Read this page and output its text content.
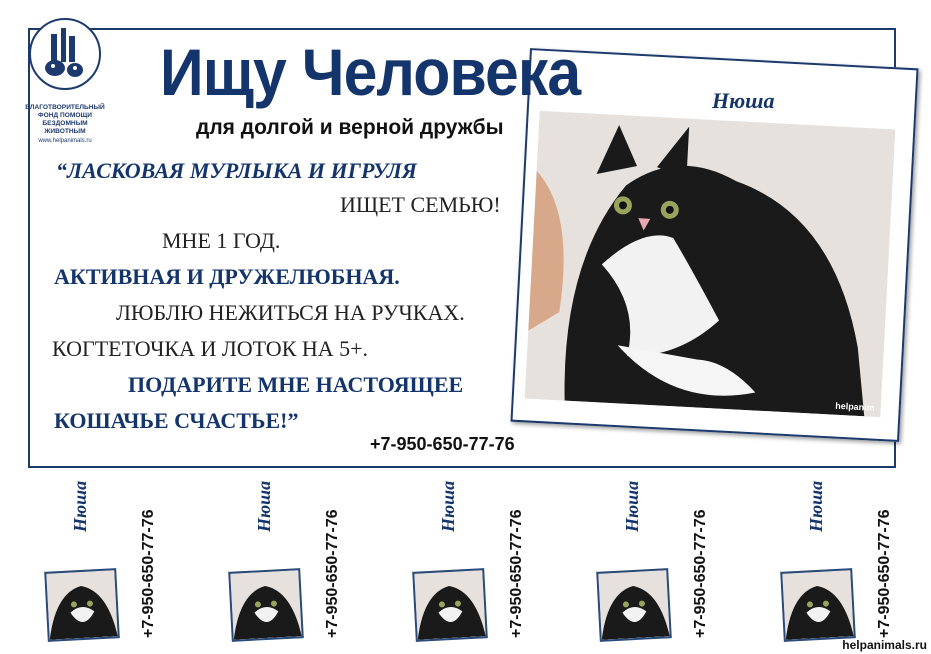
БЛАГОТВОРИТЕЛЬНЫЙ
ФОНД ПОМОЩИ
БЕЗДОМНЫМ ЖИВОТНЫМ
www.helpanimals.ru
Ищу Человека
для долгой и верной дружбы
“ЛАСКОВАЯ МУРЛЫКА И ИГРУЛЯ
ИЩЕТ СЕМЬЮ!
МНЕ 1 ГОД.
АКТИВНАЯ И ДРУЖЕЛЮБНАЯ.
ЛЮБЛЮ НЕЖИТЬСЯ НА РУЧКАХ.
КОГТЕТОЧКА И ЛОТОК НА 5+.
ПОДАРИТЕ МНЕ НАСТОЯЩЕЕ
КОШАЧЬЕ СЧАСТЬЕ!”
+7-950-650-77-76
Нюша
helpanim
Нюша
+7-950-650-77-76
Нюша
+7-950-650-77-76
Нюша
+7-950-650-77-76
Нюша
+7-950-650-77-76
Нюша
+7-950-650-77-76
helpanimals.ru
